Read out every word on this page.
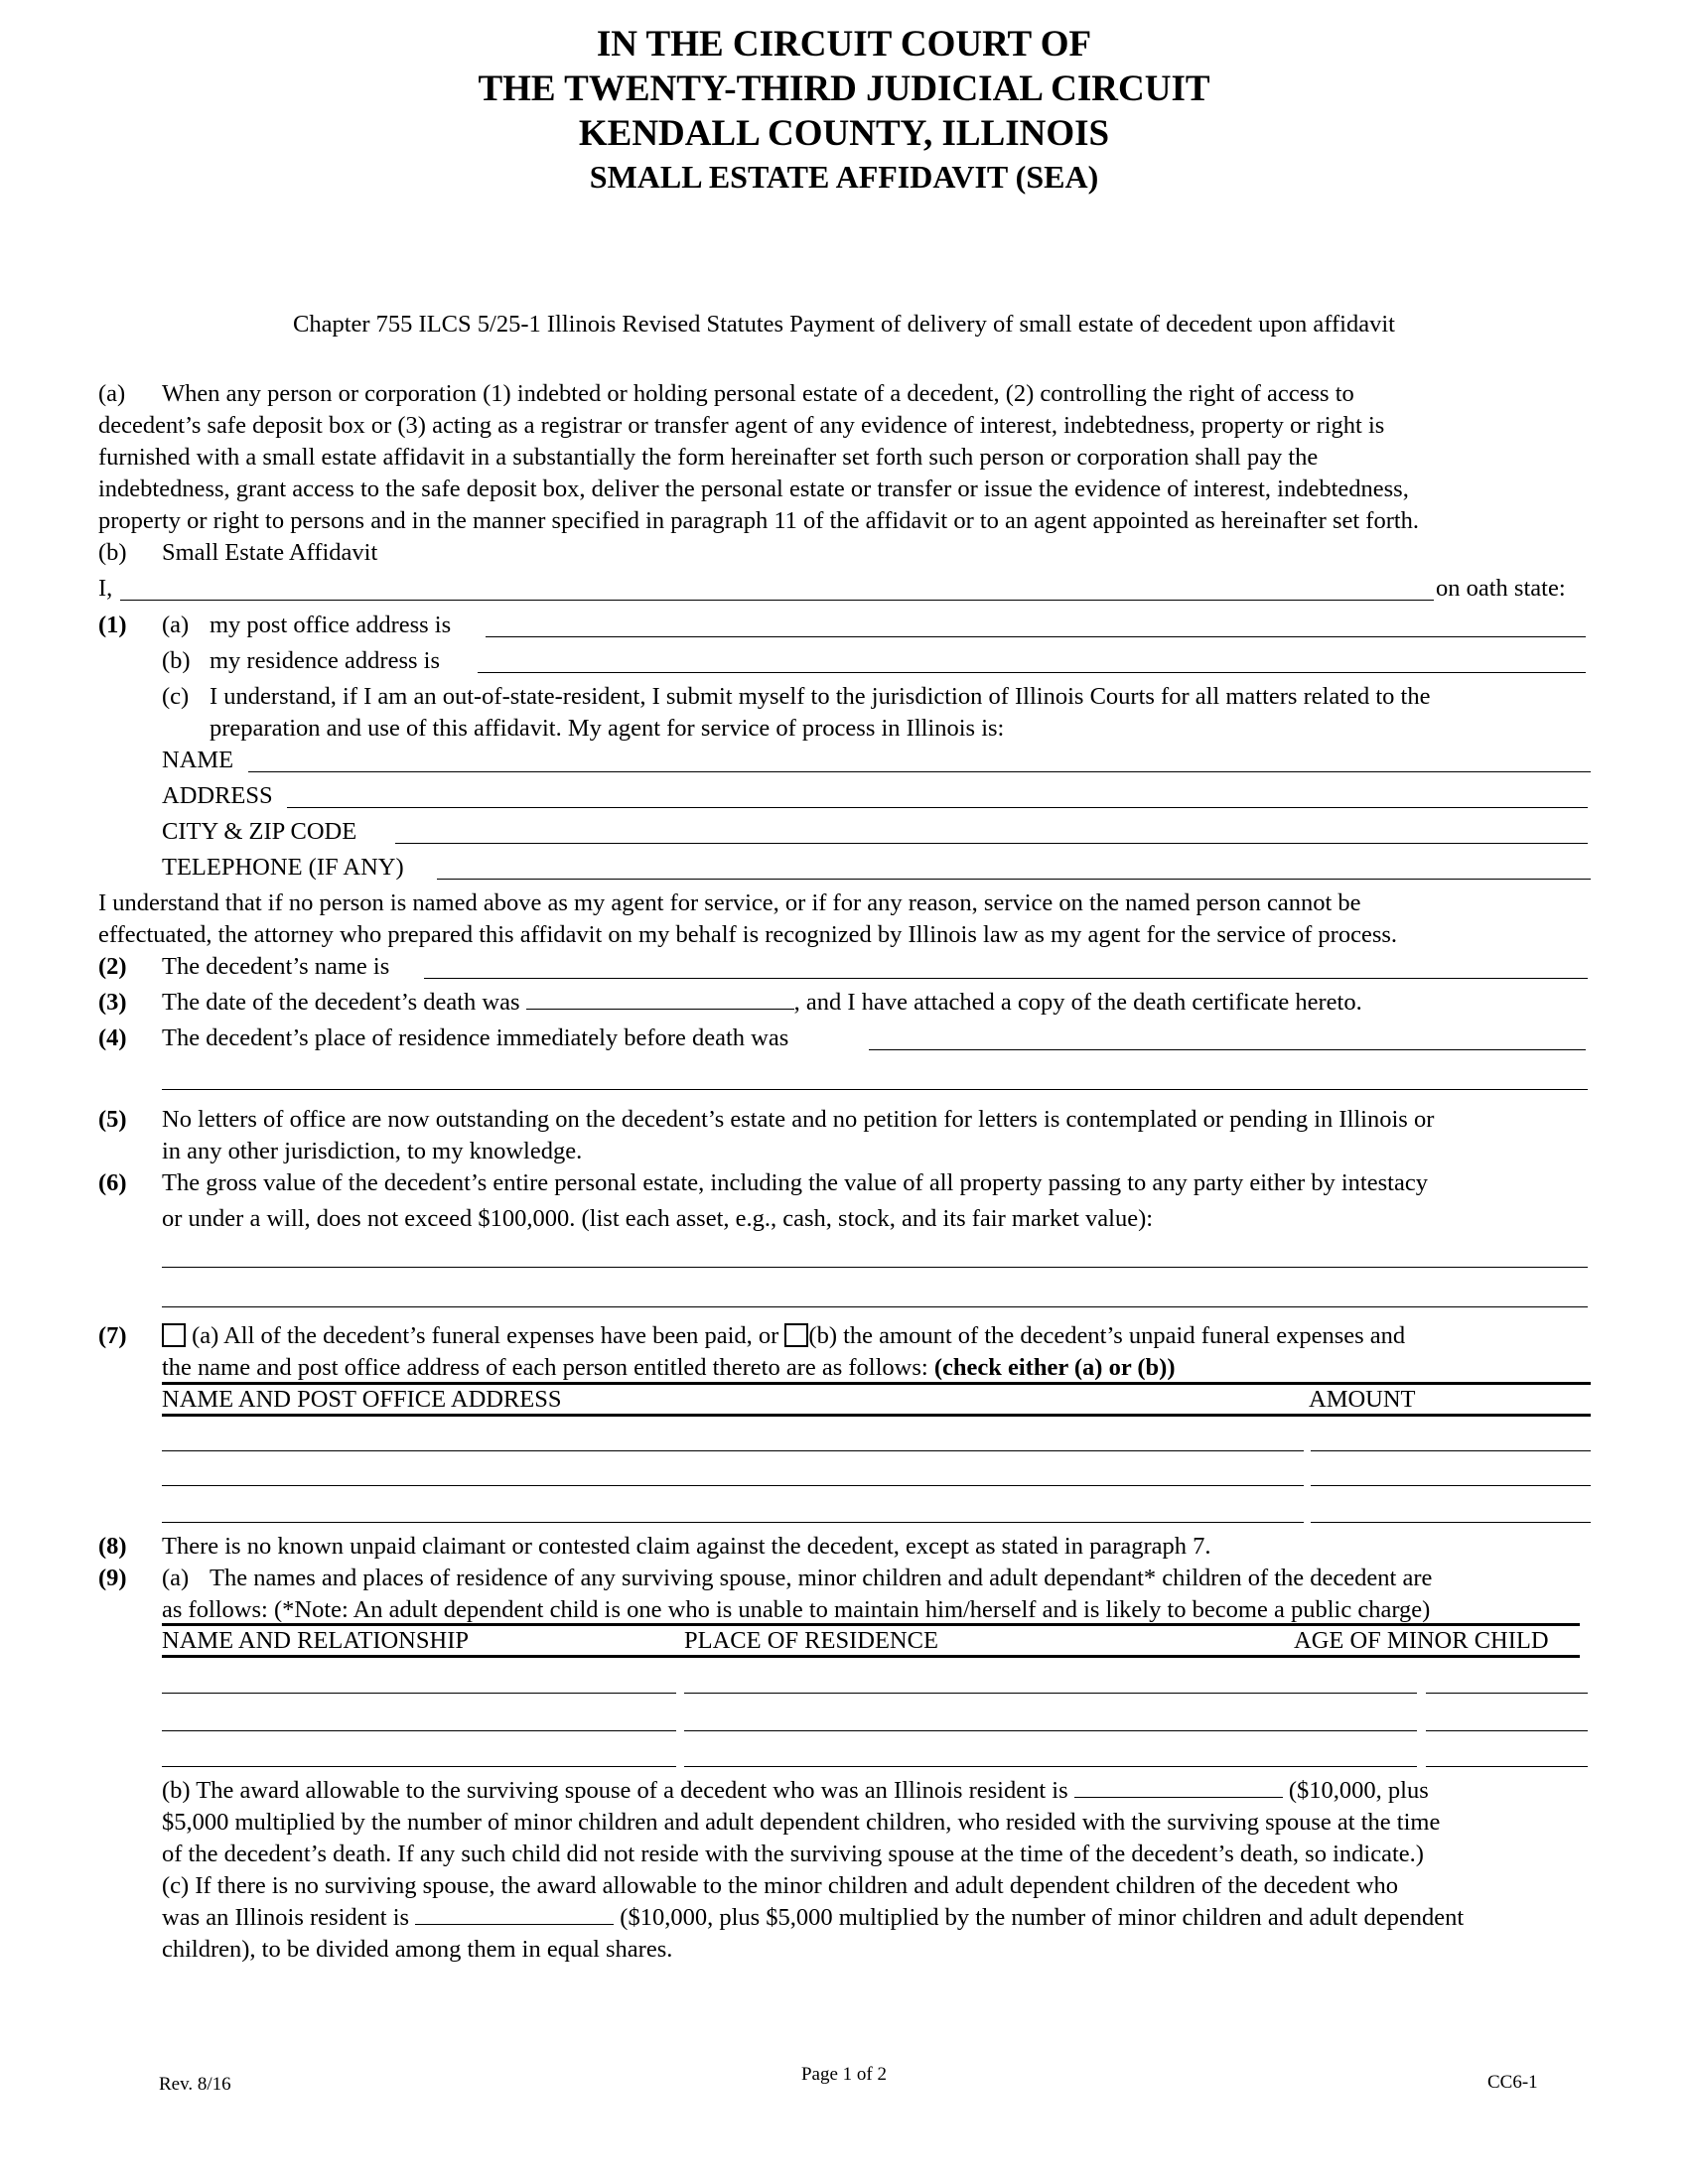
IN THE CIRCUIT COURT OF
THE TWENTY-THIRD JUDICIAL CIRCUIT
KENDALL COUNTY, ILLINOIS
SMALL ESTATE AFFIDAVIT (SEA)
Chapter 755 ILCS 5/25-1 Illinois Revised Statutes Payment of delivery of small estate of decedent upon affidavit
(a) When any person or corporation (1) indebted or holding personal estate of a decedent, (2) controlling the right of access to
decedent’s safe deposit box or (3) acting as a registrar or transfer agent of any evidence of interest, indebtedness, property or right is
furnished with a small estate affidavit in a substantially the form hereinafter set forth such person or corporation shall pay the
indebtedness, grant access to the safe deposit box, deliver the personal estate or transfer or issue the evidence of interest, indebtedness,
property or right to persons and in the manner specified in paragraph 11 of the affidavit or to an agent appointed as hereinafter set forth.
(b) Small Estate Affidavit
I,	on oath state:
(1) (a) my post office address is
(b) my residence address is
(c) I understand, if I am an out-of-state-resident, I submit myself to the jurisdiction of Illinois Courts for all matters related to the
preparation and use of this affidavit. My agent for service of process in Illinois is:
NAME
ADDRESS
CITY & ZIP CODE
TELEPHONE (IF ANY)
I understand that if no person is named above as my agent for service, or if for any reason, service on the named person cannot be
effectuated, the attorney who prepared this affidavit on my behalf is recognized by Illinois law as my agent for the service of process.
(2) The decedent’s name is
(3) The date of the decedent’s death was	, and I have attached a copy of the death certificate hereto.
(4) The decedent’s place of residence immediately before death was
(5) No letters of office are now outstanding on the decedent’s estate and no petition for letters is contemplated or pending in Illinois or
in any other jurisdiction, to my knowledge.
(6) The gross value of the decedent’s entire personal estate, including the value of all property passing to any party either by intestacy
or under a will, does not exceed $100,000. (list each asset, e.g., cash, stock, and its fair market value):
(7)	(a) All of the decedent’s funeral expenses have been paid, or (b) the amount of the decedent’s unpaid funeral expenses and
the name and post office address of each person entitled thereto are as follows: (check either (a) or (b))
NAME AND POST OFFICE ADDRESS	AMOUNT
(8) There is no known unpaid claimant or contested claim against the decedent, except as stated in paragraph 7.
(9) (a) The names and places of residence of any surviving spouse, minor children and adult dependant* children of the decedent are
as follows: (*Note: An adult dependent child is one who is unable to maintain him/herself and is likely to become a public charge)
NAME AND RELATIONSHIP	PLACE OF RESIDENCE	AGE OF MINOR CHILD
(b) The award allowable to the surviving spouse of a decedent who was an Illinois resident is	($10,000, plus
$5,000 multiplied by the number of minor children and adult dependent children, who resided with the surviving spouse at the time
of the decedent’s death. If any such child did not reside with the surviving spouse at the time of the decedent’s death, so indicate.)
(c) If there is no surviving spouse, the award allowable to the minor children and adult dependent children of the decedent who
was an Illinois resident is	($10,000, plus $5,000 multiplied by the number of minor children and adult dependent
children), to be divided among them in equal shares.
Rev. 8/16	Page 1 of 2	CC6-1
